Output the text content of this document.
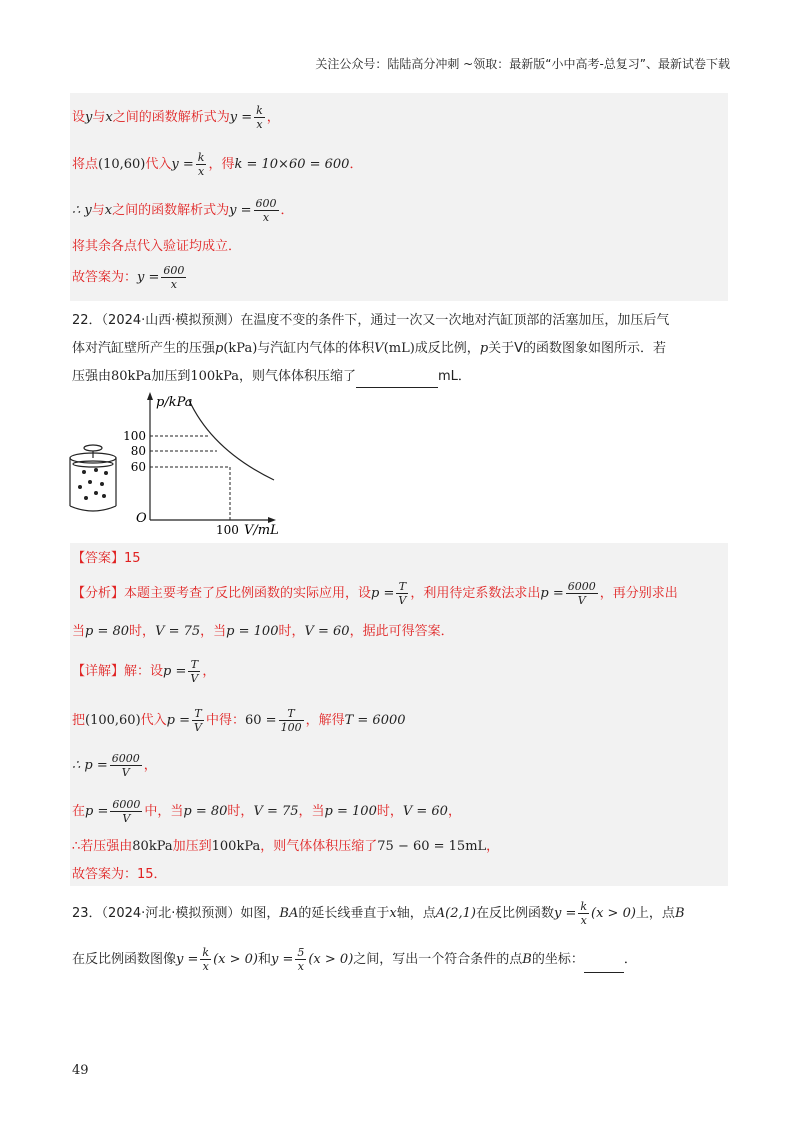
关注公众号：陆陆高分冲刺 ~领取：最新版“小中高考-总复习”、最新试卷下载
设y与x之间的函数解析式为$y = \frac{k}{x}$ ，
将点(10,60)代入$y = \frac{k}{x}$ ，得k = 10×60 = 600．
∴ y与x之间的函数解析式为$y = \frac{600}{x}$ ．
将其余各点代入验证均成立．
故答案为：$y = \frac{600}{x}$
22．（2024·山西·模拟预测）在温度不变的条件下，通过一次又一次地对汽缸顶部的活塞加压，加压后气
体对汽缸壁所产生的压强p(kPa)与汽缸内气体的体积V(mL)成反比例，p关于V的函数图象如图所示．若
压强由80kPa加压到100kPa，则气体体积压缩了	mL．
p/kPa
100
80
60
O
100 V/mL
【答案】15
【分析】本题主要考查了反比例函数的实际应用，设$p = \frac{T}{V}$ ，利用待定系数法求出$p = \frac{6000}{V}$ ，再分别求出
当p = 80时，V = 75，当p = 100时，V = 60，据此可得答案．
【详解】解：设$p = \frac{T}{V}$ ，
把(100,60)代入$p = \frac{T}{V}$ 中得：$60 = \frac{T}{100}$ ，解得T = 6000
∴ $p = \frac{6000}{V}$ ，
在$p = \frac{6000}{V}$ 中，当p = 80时，V = 75，当p = 100时，V = 60，
∴若压强由80kPa加压到100kPa，则气体体积压缩了75 − 60 = 15mL，
故答案为：15．
23．（2024·河北·模拟预测）如图，BA的延长线垂直于x轴，点A(2,1)在反比例函数$y = \frac{k}{x} (x > 0)$上，点B
在反比例函数图像$y = \frac{k}{x} (x > 0)$和$y = \frac{5}{x} (x > 0)$之间，写出一个符合条件的点B的坐标：	．
49
